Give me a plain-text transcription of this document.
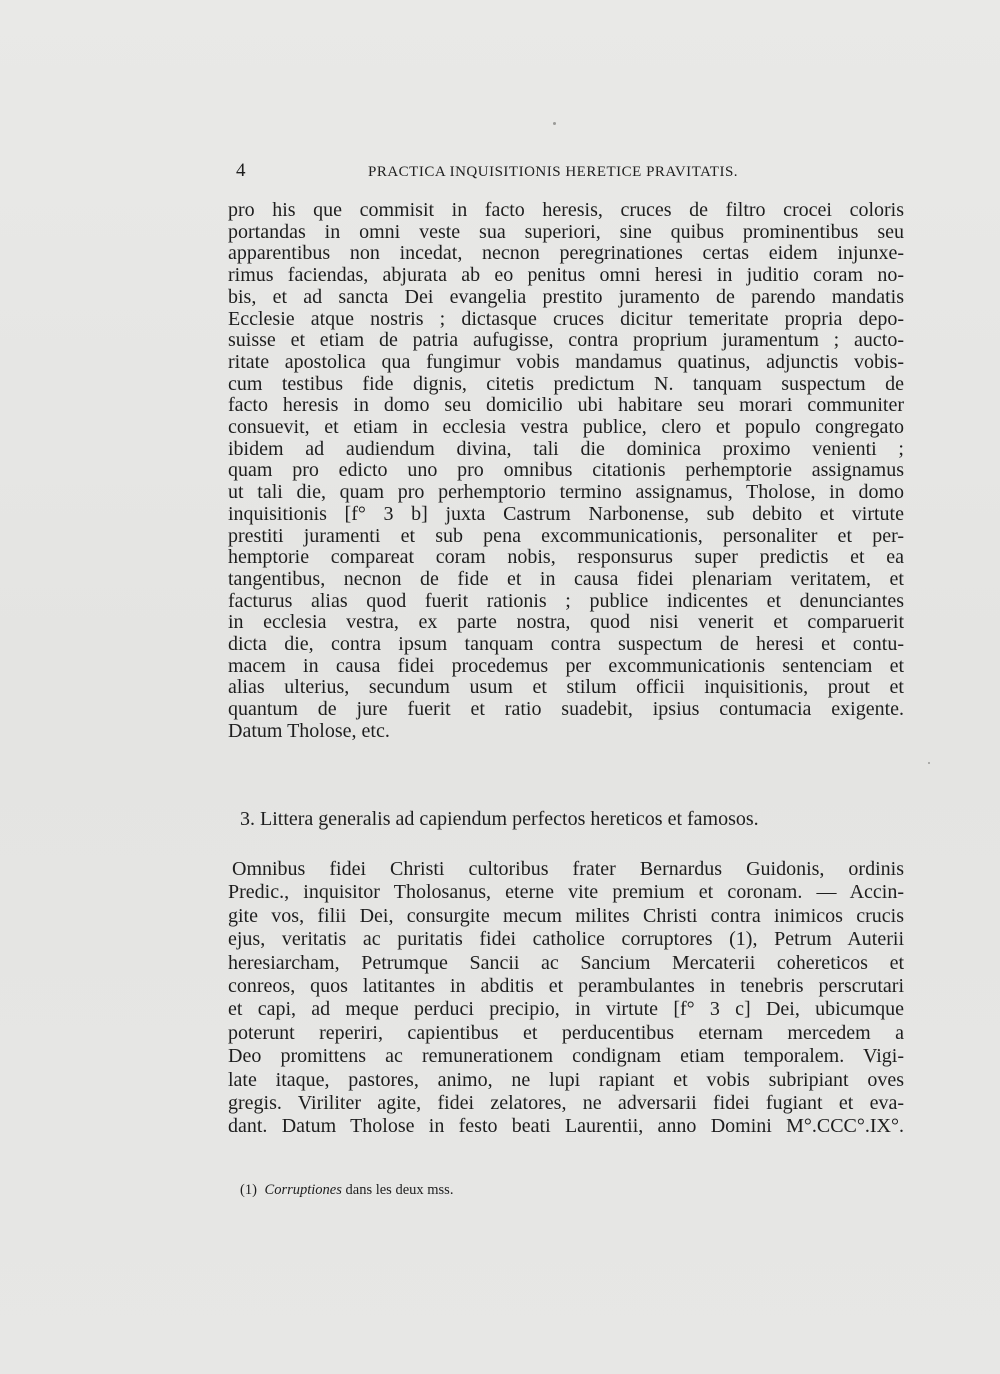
4	PRACTICA INQUISITIONIS HERETICE PRAVITATIS.
pro his que commisit in facto heresis, cruces de filtro crocei coloris
portandas in omni veste sua superiori, sine quibus prominentibus seu
apparentibus non incedat, necnon peregrinationes certas eidem injunxe-
rimus faciendas, abjurata ab eo penitus omni heresi in juditio coram no-
bis, et ad sancta Dei evangelia prestito juramento de parendo mandatis
Ecclesie atque nostris ; dictasque cruces dicitur temeritate propria depo-
suisse et etiam de patria aufugisse, contra proprium juramentum ; aucto-
ritate apostolica qua fungimur vobis mandamus quatinus, adjunctis vobis-
cum testibus fide dignis, citetis predictum N. tanquam suspectum de
facto heresis in domo seu domicilio ubi habitare seu morari communiter
consuevit, et etiam in ecclesia vestra publice, clero et populo congregato
ibidem ad audiendum divina, tali die dominica proximo venienti ;
quam pro edicto uno pro omnibus citationis perhemptorie assignamus
ut tali die, quam pro perhemptorio termino assignamus, Tholose, in domo
inquisitionis [f° 3 b] juxta Castrum Narbonense, sub debito et virtute
prestiti juramenti et sub pena excommunicationis, personaliter et per-
hemptorie compareat coram nobis, responsurus super predictis et ea
tangentibus, necnon de fide et in causa fidei plenariam veritatem, et
facturus alias quod fuerit rationis ; publice indicentes et denunciantes
in ecclesia vestra, ex parte nostra, quod nisi venerit et comparuerit
dicta die, contra ipsum tanquam contra suspectum de heresi et contu-
macem in causa fidei procedemus per excommunicationis sentenciam et
alias ulterius, secundum usum et stilum officii inquisitionis, prout et
quantum de jure fuerit et ratio suadebit, ipsius contumacia exigente.
Datum Tholose, etc.
3. Littera generalis ad capiendum perfectos hereticos et famosos.
Omnibus fidei Christi cultoribus frater Bernardus Guidonis, ordinis
Predic., inquisitor Tholosanus, eterne vite premium et coronam. — Accin-
gite vos, filii Dei, consurgite mecum milites Christi contra inimicos crucis
ejus, veritatis ac puritatis fidei catholice corruptores (1), Petrum Auterii
heresiarcham, Petrumque Sancii ac Sancium Mercaterii cohereticos et
conreos, quos latitantes in abditis et perambulantes in tenebris perscrutari
et capi, ad meque perduci precipio, in virtute [f° 3 c] Dei, ubicumque
poterunt reperiri, capientibus et perducentibus eternam mercedem a
Deo promittens ac remunerationem condignam etiam temporalem. Vigi-
late itaque, pastores, animo, ne lupi rapiant et vobis subripiant oves
gregis. Viriliter agite, fidei zelatores, ne adversarii fidei fugiant et eva-
dant. Datum Tholose in festo beati Laurentii, anno Domini M°.CCC°.IX°.
(1) Corruptiones dans les deux mss.
